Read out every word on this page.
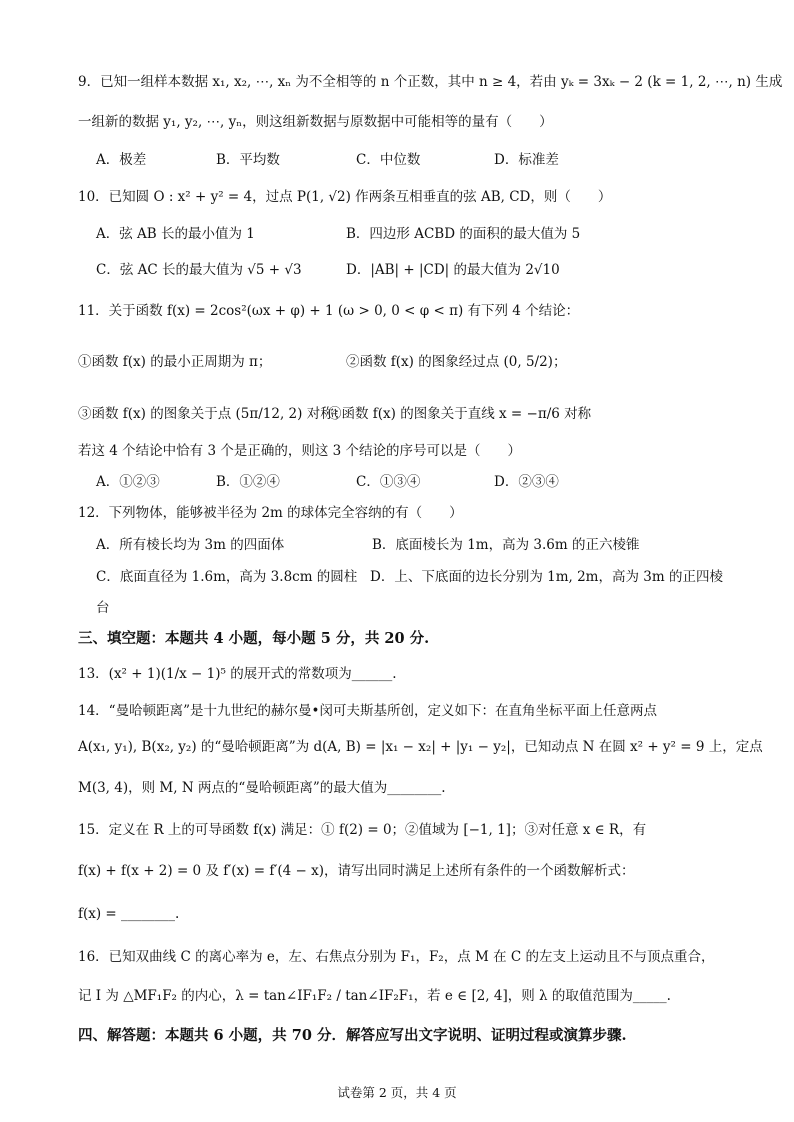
9．已知一组样本数据 x₁, x₂, ⋯, xₙ 为不全相等的 n 个正数，其中 n ≥ 4，若由 yₖ = 3xₖ − 2 (k = 1, 2, ⋯, n) 生成
一组新的数据 y₁, y₂, ⋯, yₙ，则这组新数据与原数据中可能相等的量有（　　）
A．极差	B．平均数	C．中位数	D．标准差
10．已知圆 O : x² + y² = 4，过点 P(1, √2) 作两条互相垂直的弦 AB, CD，则（　　）
A．弦 AB 长的最小值为 1	B．四边形 ACBD 的面积的最大值为 5
C．弦 AC 长的最大值为 √5 + √3	D．|AB| + |CD| 的最大值为 2√10
11．关于函数 f(x) = 2cos²(ωx + φ) + 1 (ω > 0, 0 < φ < π) 有下列 4 个结论：
①函数 f(x) 的最小正周期为 π；	②函数 f(x) 的图象经过点 (0, 5/2)；
③函数 f(x) 的图象关于点 (5π/12, 2) 对称；
④函数 f(x) 的图象关于直线 x = −π/6 对称
若这 4 个结论中恰有 3 个是正确的，则这 3 个结论的序号可以是（　　）
A．①②③	B．①②④	C．①③④	D．②③④
12．下列物体，能够被半径为 2m 的球体完全容纳的有（　　）
A．所有棱长均为 3m 的四面体	B．底面棱长为 1m，高为 3.6m 的正六棱锥
C．底面直径为 1.6m，高为 3.8cm 的圆柱 D．上、下底面的边长分别为 1m, 2m，高为 3m 的正四棱
台
三、填空题：本题共 4 小题，每小题 5 分，共 20 分.
13．(x² + 1)(1/x − 1)⁵ 的展开式的常数项为______.
14．“曼哈顿距离”是十九世纪的赫尔曼•闵可夫斯基所创，定义如下：在直角坐标平面上任意两点
A(x₁, y₁), B(x₂, y₂) 的“曼哈顿距离”为 d(A, B) = |x₁ − x₂| + |y₁ − y₂|，已知动点 N 在圆 x² + y² = 9 上，定点
M(3, 4)，则 M, N 两点的“曼哈顿距离”的最大值为________.
15．定义在 R 上的可导函数 f(x) 满足：① f(2) = 0；②值域为 [−1, 1]；③对任意 x ∈ R，有
f(x) + f(x + 2) = 0 及 f′(x) = f′(4 − x)，请写出同时满足上述所有条件的一个函数解析式：
f(x) = ________.
16．已知双曲线 C 的离心率为 e，左、右焦点分别为 F₁，F₂，点 M 在 C 的左支上运动且不与顶点重合，
记 I 为 △MF₁F₂ 的内心，λ = tan∠IF₁F₂ / tan∠IF₂F₁，若 e ∈ [2, 4]，则 λ 的取值范围为_____.
四、解答题：本题共 6 小题，共 70 分．解答应写出文字说明、证明过程或演算步骤.
试卷第 2 页，共 4 页
